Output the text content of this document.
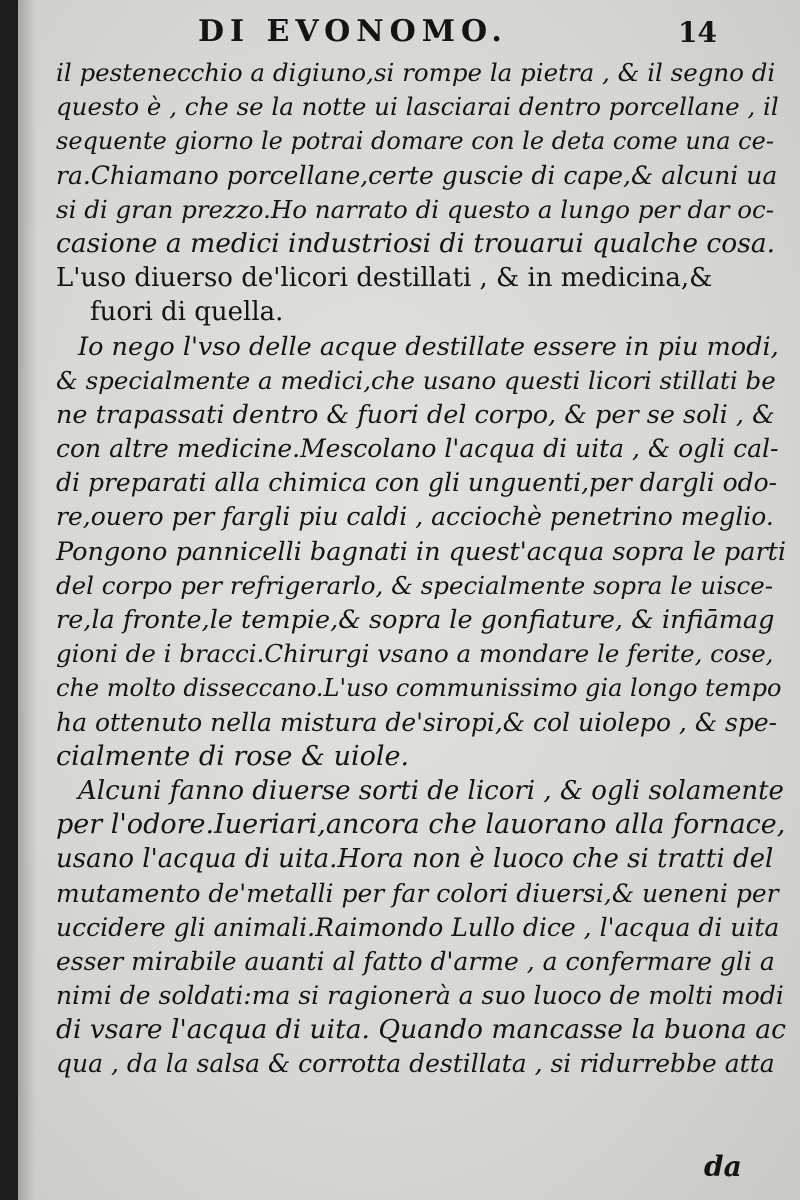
DI EVONOMO.	14
il pestenecchio a digiuno,si rompe la pietra , & il segno di
questo è , che se la notte ui lasciarai dentro porcellane , il
sequente giorno le potrai domare con le deta come una ce-
ra.Chiamano porcellane,certe guscie di cape,& alcuni ua
si di gran prezzo.Ho narrato di questo a lungo per dar oc-
casione a medici industriosi di trouarui qualche cosa.
L'uso diuerso de'licori destillati , & in medicina,&
fuori di quella.
Io nego l'vso delle acque destillate essere in piu modi,
& specialmente a medici,che usano questi licori stillati be
ne trapassati dentro & fuori del corpo, & per se soli , &
con altre medicine.Mescolano l'acqua di uita , & ogli cal-
di preparati alla chimica con gli unguenti,per dargli odo-
re,ouero per fargli piu caldi , acciochè penetrino meglio.
Pongono pannicelli bagnati in quest'acqua sopra le parti
del corpo per refrigerarlo, & specialmente sopra le uisce-
re,la fronte,le tempie,& sopra le gonfiature, & infiāmag
gioni de i bracci.Chirurgi vsano a mondare le ferite, cose,
che molto disseccano.L'uso communissimo gia longo tempo
ha ottenuto nella mistura de'siropi,& col uiolepo , & spe-
cialmente di rose & uiole.
Alcuni fanno diuerse sorti de licori , & ogli solamente
per l'odore.Iueriari,ancora che lauorano alla fornace,
usano l'acqua di uita.Hora non è luoco che si tratti del
mutamento de'metalli per far colori diuersi,& ueneni per
uccidere gli animali.Raimondo Lullo dice , l'acqua di uita
esser mirabile auanti al fatto d'arme , a confermare gli a
nimi de soldati:ma si ragionerà a suo luoco de molti modi
di vsare l'acqua di uita. Quando mancasse la buona ac
qua , da la salsa & corrotta destillata , si ridurrebbe atta
da
